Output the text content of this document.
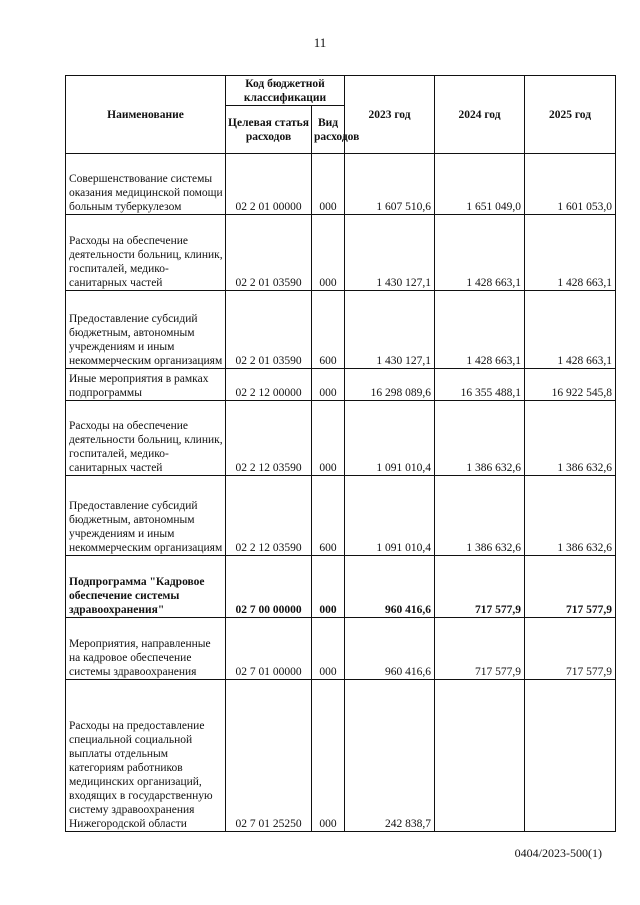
11
Наименование	Код бюджетной классификации		2023 год	2024 год	2025 год
	Целевая статья расходов	Вид расходов			
Совершенствование системы оказания медицинской помощи больным туберкулезом	02 2 01 00000	000	1 607 510,6	1 651 049,0	1 601 053,0
Расходы на обеспечение деятельности больниц, клиник, госпиталей, медико-санитарных частей	02 2 01 03590	000	1 430 127,1	1 428 663,1	1 428 663,1
Предоставление субсидий бюджетным, автономным учреждениям и иным некоммерческим организациям	02 2 01 03590	600	1 430 127,1	1 428 663,1	1 428 663,1
Иные мероприятия в рамках подпрограммы	02 2 12 00000	000	16 298 089,6	16 355 488,1	16 922 545,8
Расходы на обеспечение деятельности больниц, клиник, госпиталей, медико-санитарных частей	02 2 12 03590	000	1 091 010,4	1 386 632,6	1 386 632,6
Предоставление субсидий бюджетным, автономным учреждениям и иным некоммерческим организациям	02 2 12 03590	600	1 091 010,4	1 386 632,6	1 386 632,6
Подпрограмма "Кадровое обеспечение системы здравоохранения"	02 7 00 00000	000	960 416,6	717 577,9	717 577,9
Мероприятия, направленные на кадровое обеспечение системы здравоохранения	02 7 01 00000	000	960 416,6	717 577,9	717 577,9
Расходы на предоставление специальной социальной выплаты отдельным категориям работников медицинских организаций, входящих в государственную систему здравоохранения Нижегородской области	02 7 01 25250	000	242 838,7		
0404/2023-500(1)
